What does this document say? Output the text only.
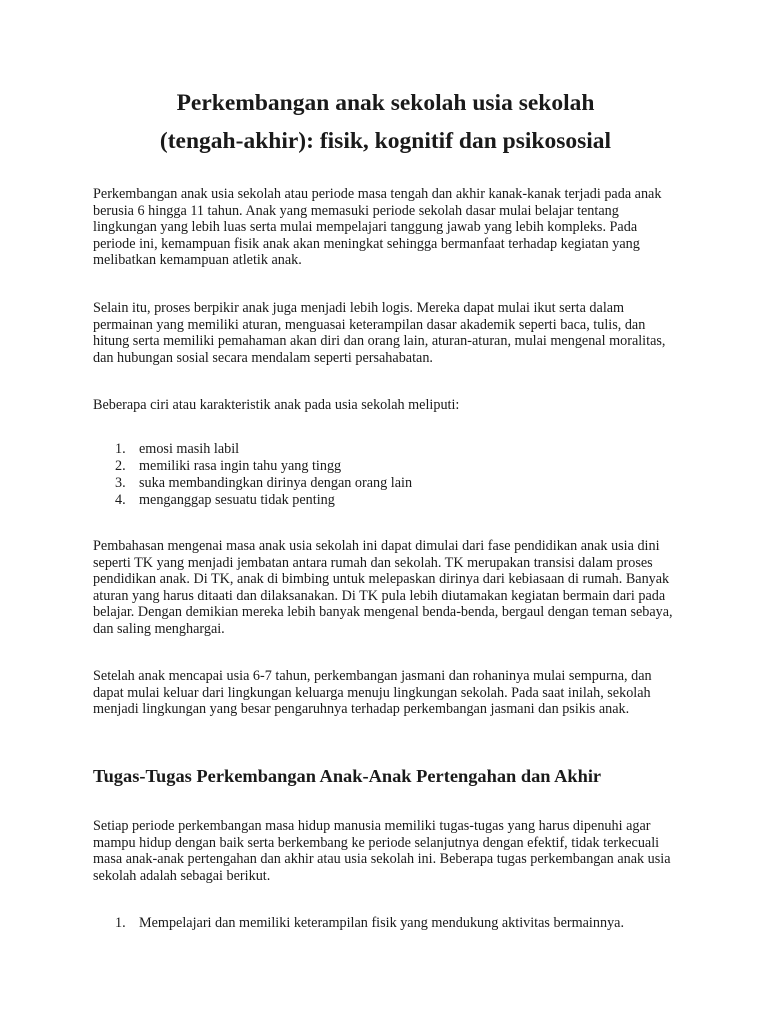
Perkembangan anak sekolah usia sekolah
(tengah-akhir): fisik, kognitif dan psikososial

Perkembangan anak usia sekolah atau periode masa tengah dan akhir kanak-kanak terjadi pada anak berusia 6 hingga 11 tahun. Anak yang memasuki periode sekolah dasar mulai belajar tentang lingkungan yang lebih luas serta mulai mempelajari tanggung jawab yang lebih kompleks. Pada periode ini, kemampuan fisik anak akan meningkat sehingga bermanfaat terhadap kegiatan yang melibatkan kemampuan atletik anak.

Selain itu, proses berpikir anak juga menjadi lebih logis. Mereka dapat mulai ikut serta dalam permainan yang memiliki aturan, menguasai keterampilan dasar akademik seperti baca, tulis, dan hitung serta memiliki pemahaman akan diri dan orang lain, aturan-aturan, mulai mengenal moralitas, dan hubungan sosial secara mendalam seperti persahabatan.

Beberapa ciri atau karakteristik anak pada usia sekolah meliputi:

1. emosi masih labil
2. memiliki rasa ingin tahu yang tingg
3. suka membandingkan dirinya dengan orang lain
4. menganggap sesuatu tidak penting

Pembahasan mengenai masa anak usia sekolah ini dapat dimulai dari fase pendidikan anak usia dini seperti TK yang menjadi jembatan antara rumah dan sekolah. TK merupakan transisi dalam proses pendidikan anak. Di TK, anak di bimbing untuk melepaskan dirinya dari kebiasaan di rumah. Banyak aturan yang harus ditaati dan dilaksanakan. Di TK pula lebih diutamakan kegiatan bermain dari pada belajar. Dengan demikian mereka lebih banyak mengenal benda-benda, bergaul dengan teman sebaya, dan saling menghargai.

Setelah anak mencapai usia 6-7 tahun, perkembangan jasmani dan rohaninya mulai sempurna, dan dapat mulai keluar dari lingkungan keluarga menuju lingkungan sekolah. Pada saat inilah, sekolah menjadi lingkungan yang besar pengaruhnya terhadap perkembangan jasmani dan psikis anak.

Tugas-Tugas Perkembangan Anak-Anak Pertengahan dan Akhir

Setiap periode perkembangan masa hidup manusia memiliki tugas-tugas yang harus dipenuhi agar mampu hidup dengan baik serta berkembang ke periode selanjutnya dengan efektif, tidak terkecuali masa anak-anak pertengahan dan akhir atau usia sekolah ini. Beberapa tugas perkembangan anak usia sekolah adalah sebagai berikut.

1. Mempelajari dan memiliki keterampilan fisik yang mendukung aktivitas bermainnya.
